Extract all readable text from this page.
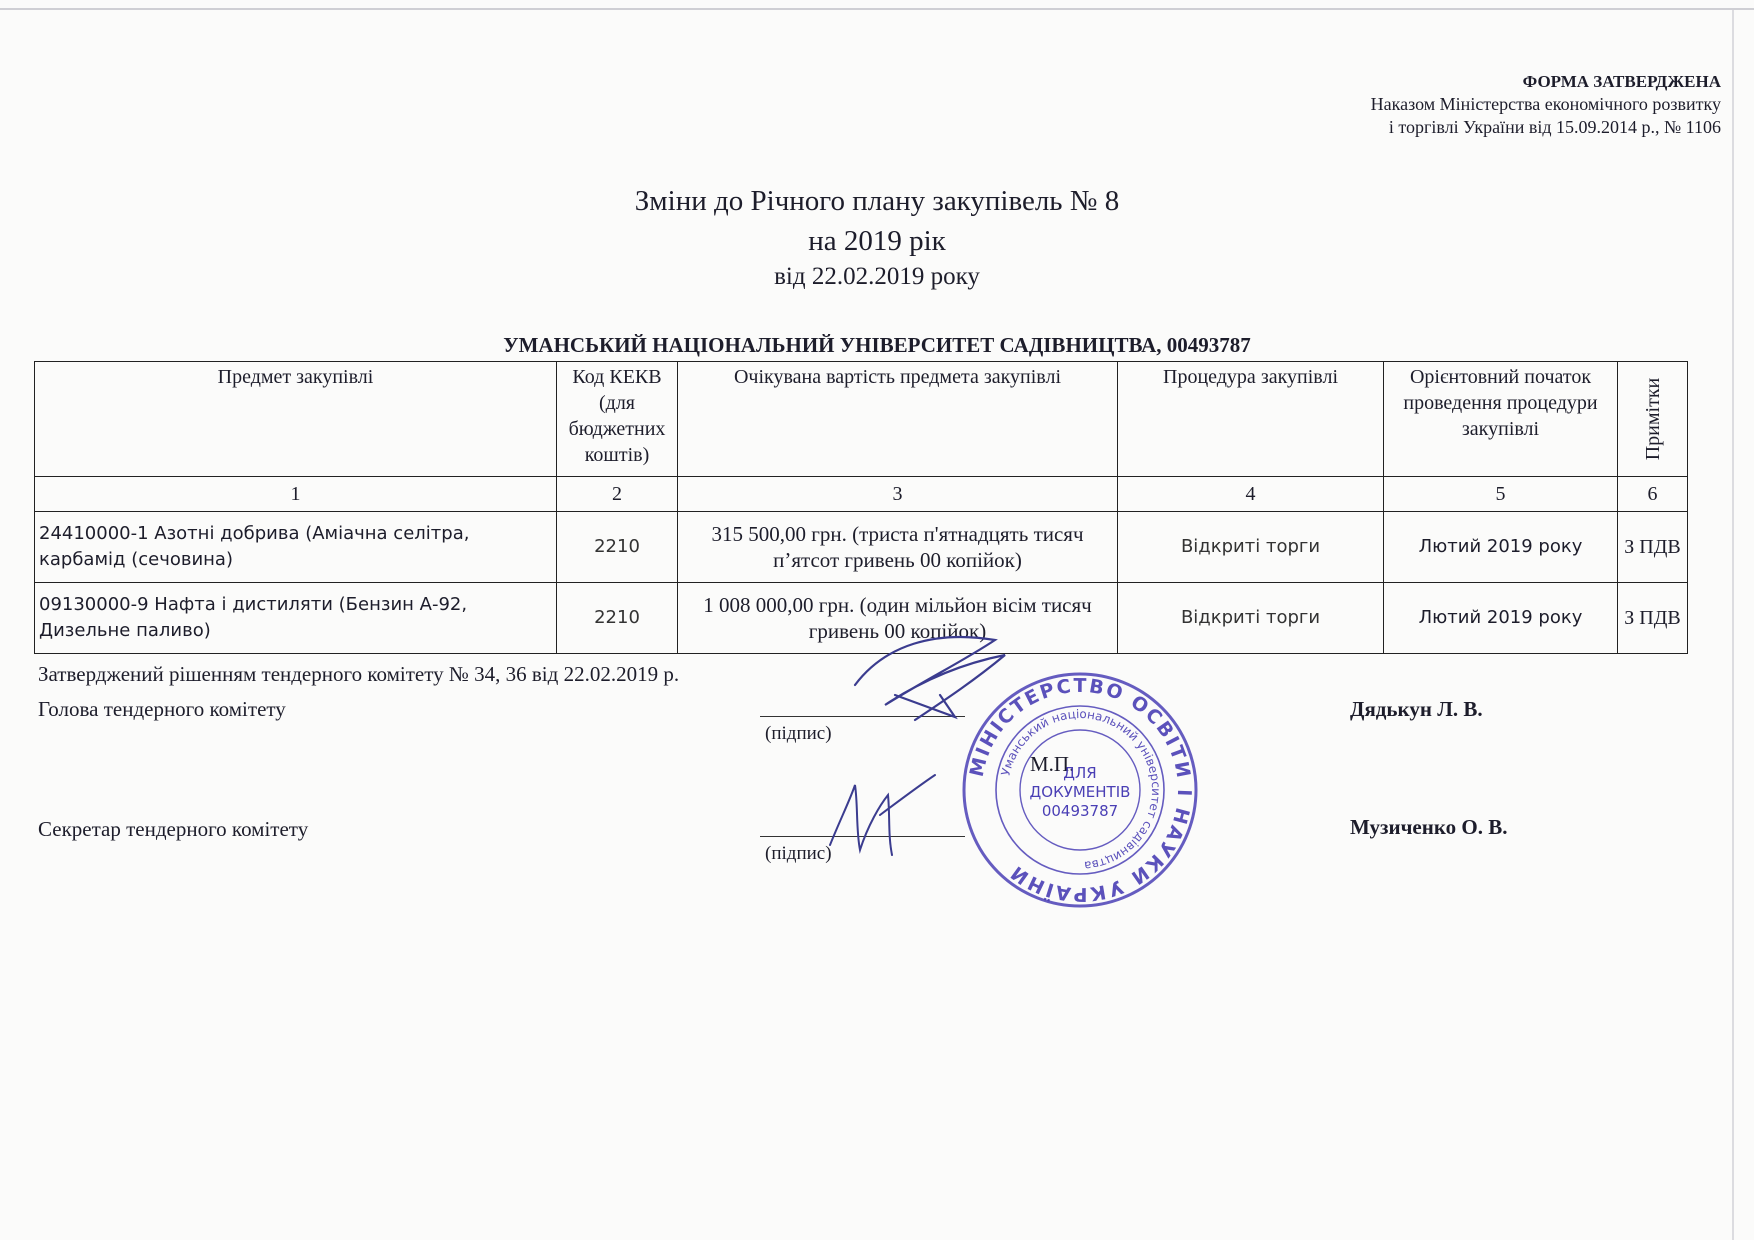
ФОРМА ЗАТВЕРДЖЕНА
Наказом Міністерства економічного розвитку
і торгівлі України від 15.09.2014 р., № 1106
Зміни до Річного плану закупівель № 8
на 2019 рік
від 22.02.2019 року
УМАНСЬКИЙ НАЦІОНАЛЬНИЙ УНІВЕРСИТЕТ САДІВНИЦТВА, 00493787
Предмет закупівлі	Код КЕКВ (для бюджетних коштів)	Очікувана вартість предмета закупівлі	Процедура закупівлі	Орієнтовний початок проведення процедури закупівлі	Примітки

1	2	3	4	5	6
24410000-1 Азотні добрива (Аміачна селітра, карбамід (сечовина)	2210	315 500,00 грн. (триста п'ятнадцять тисяч п’ятсот гривень 00 копійок)	Відкриті торги	Лютий 2019 року	З ПДВ
09130000-9 Нафта і дистиляти (Бензин А-92, Дизельне паливо)	2210	1 008 000,00 грн. (один мільйон вісім тисяч гривень 00 копійок)	Відкриті торги	Лютий 2019 року	З ПДВ
Затверджений рішенням тендерного комітету № 34, 36 від 22.02.2019 р.
Голова тендерного комітету
(підпис)
Дядькун Л. В.
М.П.
Секретар тендерного комітету
(підпис)
Музиченко О. В.
МІНІСТЕРСТВО ОСВІТИ І НАУКИ УКРАЇНИ
Уманський національний університет садівництва
ДЛЯ
ДОКУМЕНТІВ
00493787
